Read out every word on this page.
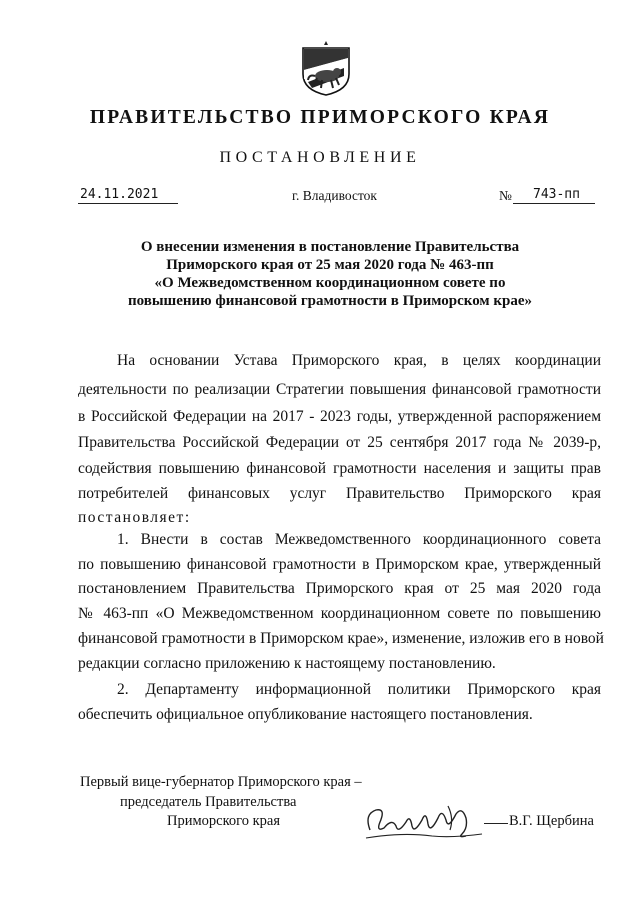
ПРАВИТЕЛЬСТВО ПРИМОРСКОГО КРАЯ
ПОСТАНОВЛЕНИЕ
24.11.2021	г. Владивосток	№ 743-пп
О внесении изменения в постановление Правительства
Приморского края от 25 мая 2020 года № 463-пп
«О Межведомственном координационном совете по
повышению финансовой грамотности в Приморском крае»
На основании Устава Приморского края, в целях координации
деятельности по реализации Стратегии повышения финансовой грамотности
в Российской Федерации на 2017 - 2023 годы, утвержденной распоряжением
Правительства Российской Федерации от 25 сентября 2017 года № 2039-р,
содействия повышению финансовой грамотности населения и защиты прав
потребителей финансовых услуг Правительство Приморского края
постановляет:
1. Внести в состав Межведомственного координационного совета
по повышению финансовой грамотности в Приморском крае, утвержденный
постановлением Правительства Приморского края от 25 мая 2020 года
№ 463-пп «О Межведомственном координационном совете по повышению
финансовой грамотности в Приморском крае», изменение, изложив его в новой
редакции согласно приложению к настоящему постановлению.
2. Департаменту информационной политики Приморского края
обеспечить официальное опубликование настоящего постановления.
Первый вице-губернатор Приморского края –
председатель Правительства
Приморского края	В.Г. Щербина
